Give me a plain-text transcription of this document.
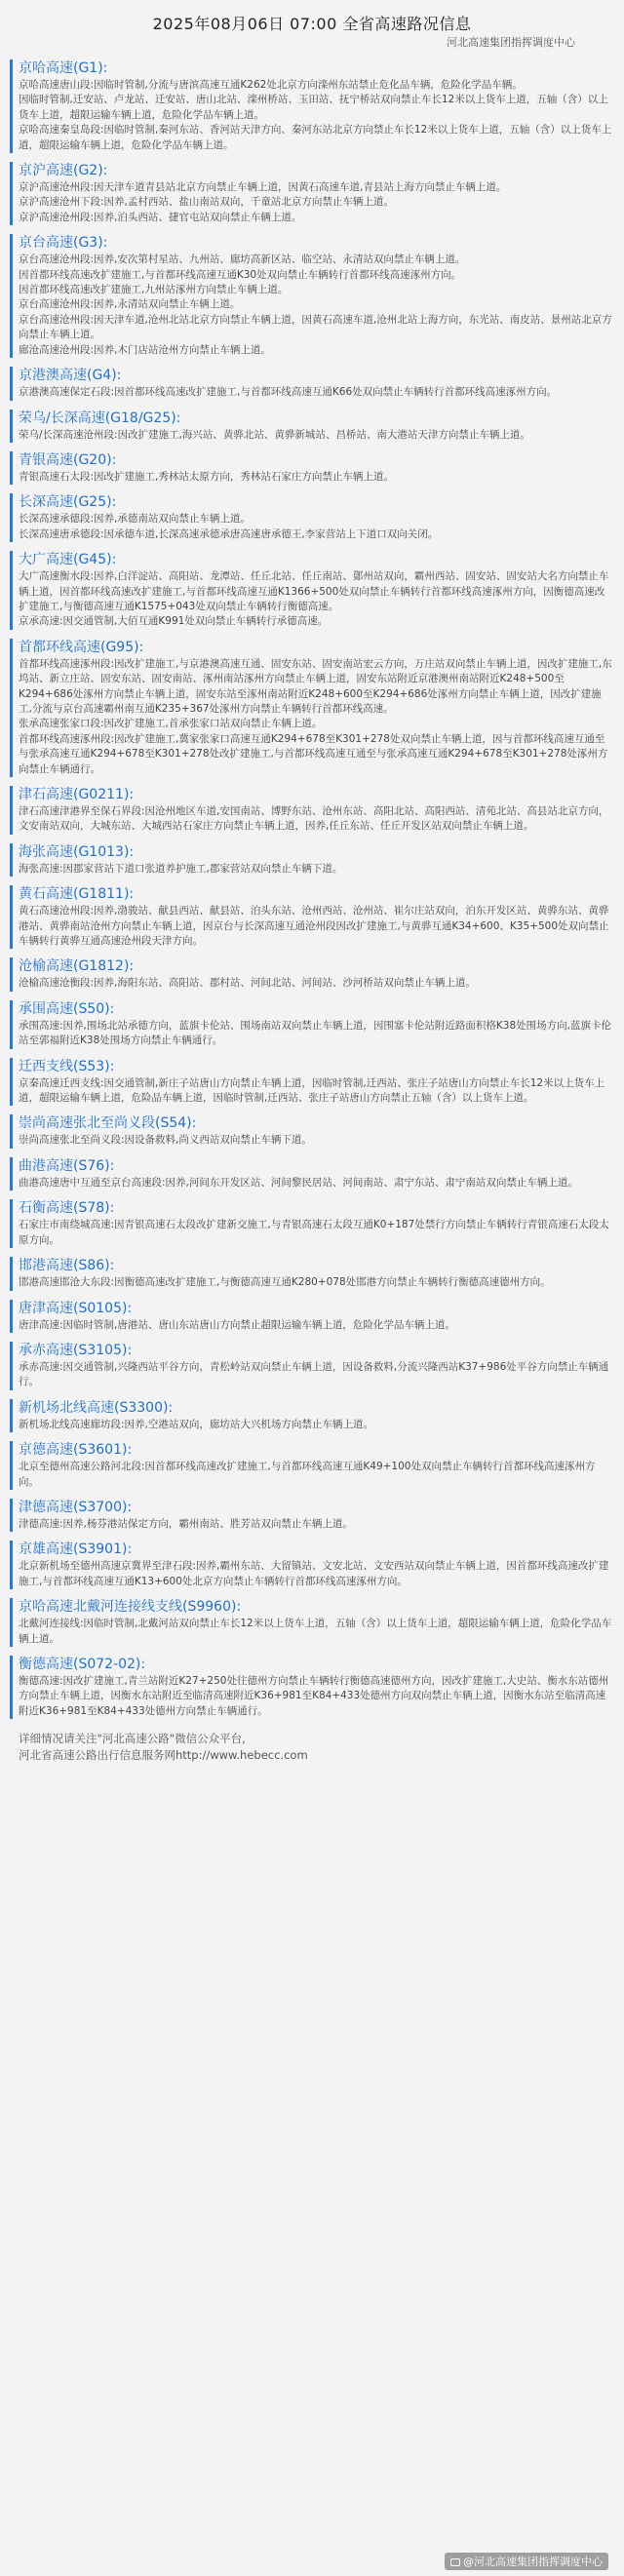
2025年08月06日 07:00 全省高速路况信息
河北高速集团指挥调度中心
京哈高速(G1):

京哈高速唐山段:因临时管制,分流与唐滨高速互通K262处北京方向滦州东站禁止危化品车辆，危险化学品车辆。

因临时管制,迁安站、卢龙站、迁安站、唐山北站、滦州桥站、玉田站、抚宁桥站双向禁止车长12米以上货车上道，五轴（含）以上货车上道，超限运输车辆上道，危险化学品车辆上道。

京哈高速秦皇岛段:因临时管制,秦河东站、香河站天津方向、秦河东站北京方向禁止车长12米以上货车上道，五轴（含）以上货车上道，超限运输车辆上道，危险化学品车辆上道。

京沪高速(G2):

京沪高速沧州段:因天津车道青县站北京方向禁止车辆上道，因黄石高速车道,青县站上海方向禁止车辆上道。

京沪高速沧州下段:因养,孟村西站、盐山南站双向，千童站北京方向禁止车辆上道。

京沪高速沧州段:因养,泊头西站、捷官屯站双向禁止车辆上道。

京台高速(G3):

京台高速沧州段:因养,安次第村星站、九州站、廊坊高新区站、临空站、永清站双向禁止车辆上道。

因首都环线高速改扩建施工,与首都环线高速互通K30处双向禁止车辆转行首都环线高速涿州方向。

因首都环线高速改扩建施工,九州站涿州方向禁止车辆上道。

京台高速沧州段:因养,永清站双向禁止车辆上道。

京台高速沧州段:因天津车道,沧州北站北京方向禁止车辆上道，因黄石高速车道,沧州北站上海方向，东光站、南皮站、景州站北京方向禁止车辆上道。

廊沧高速沧州段:因养,木门店站沧州方向禁止车辆上道。

京港澳高速(G4):

京港澳高速保定石段:因首都环线高速改扩建施工,与首都环线高速互通K66处双向禁止车辆转行首都环线高速涿州方向。

荣乌/长深高速(G18/G25):

荣乌/长深高速沧州段:因改扩建施工,海兴站、黄骅北站、黄骅新城站、昌桥站、南大港站天津方向禁止车辆上道。

青银高速(G20):

青银高速石太段:因改扩建施工,秀林站太原方向，秀林站石家庄方向禁止车辆上道。

长深高速(G25):

长深高速承德段:因养,承德南站双向禁止车辆上道。

长深高速唐承德段:因承德车道,长深高速承德承唐高速唐承德王,李家营站上下道口双向关闭。

大广高速(G45):

大广高速衡水段:因养,白洋淀站、高阳站、龙潭站、任丘北站、任丘南站、鄚州站双向，霸州西站、固安站、固安站大名方向禁止车辆上道，因首都环线高速改扩建施工,与首都环线高速互通K1366+500处双向禁止车辆转行首都环线高速涿州方向，因衡德高速改扩建施工,与衡德高速互通K1575+043处双向禁止车辆转行衡德高速。

京承高速:因交通管制,大佰互通K991处双向禁止车辆转行承德高速。

首都环线高速(G95):

首都环线高速涿州段:因改扩建施工,与京港澳高速互通、固安东站、固安南站宏云方向，万庄站双向禁止车辆上道，因改扩建施工,东坞站、新立庄站、固安东站、固安南站、涿州南站涿州方向禁止车辆上道，固安东站附近京港澳州南站附近K248+500至K294+686处涿州方向禁止车辆上道，固安东站至涿州南站附近K248+600至K294+686处涿州方向禁止车辆上道，因改扩建施工,分流与京台高速霸州南互通K235+367处涿州方向禁止车辆转行首都环线高速。

张承高速张家口段:因改扩建施工,首承张家口站双向禁止车辆上道。

首都环线高速涿州段:因改扩建施工,冀家张家口高速互通K294+678至K301+278处双向禁止车辆上道，因与首都环线高速互通至与张承高速互通K294+678至K301+278处改扩建施工,与首都环线高速互通至与张承高速互通K294+678至K301+278处涿州方向禁止车辆通行。

津石高速(G0211):

津石高速津港界至保石界段:因沧州地区车道,安国南站、博野东站、沧州东站、高阳北站、高阳西站、清苑北站、高县站北京方向，文安南站双向，大城东站、大城西站石家庄方向禁止车辆上道，因养,任丘东站、任丘开发区站双向禁止车辆上道。

海张高速(G1013):

海张高速:因郡家营站下道口张道养护施工,郡家营站双向禁止车辆下道。

黄石高速(G1811):

黄石高速沧州段:因养,渤骏站、献县西站、献县站、泊头东站、沧州西站、沧州站、崔尔庄站双向，泊东开发区站、黄骅东站、黄骅港站、黄骅南站沧州方向禁止车辆上道，因京台与长深高速互通沧州段因改扩建施工,与黄骅互通K34+600、K35+500处双向禁止车辆转行黄骅互通高速沧州段天津方向。

沧榆高速(G1812):

沧榆高速沧衡段:因养,海阳东站、高阳站、郡村站、河间北站、河间站、沙河桥站双向禁止车辆上道。

承围高速(S50):

承围高速:因养,围场北站承德方向，蓝旗卡伦站、围场南站双向禁止车辆上道，因围塞卡伦站附近路面积格K38处围场方向,蓝旗卡伦站至郭福附近K38处围场方向禁止车辆通行。

迁西支线(S53):

京秦高速迁西支线:因交通管制,新庄子站唐山方向禁止车辆上道，因临时管制,迁西站、张庄子站唐山方向禁止车长12米以上货车上道，超限运输车辆上道，危险品车辆上道，因临时管制,迁西站、张庄子站唐山方向禁止五轴（含）以上货车上道。

崇尚高速张北至尚义段(S54):

崇尚高速张北至尚义段:因设备救料,尚义西站双向禁止车辆下道。

曲港高速(S76):

曲港高速唐中互通至京台高速段:因养,河间东开发区站、河间黎民居站、河间南站、肃宁东站、肃宁南站双向禁止车辆上道。

石衡高速(S78):

石家庄市南绕城高速:因青银高速石太段改扩建新交施工,与青银高速石太段互通K0+187处禁行方向禁止车辆转行青银高速石太段太原方向。

邯港高速(S86):

邯港高速邯沧大东段:因衡德高速改扩建施工,与衡德高速互通K280+078处邯港方向禁止车辆转行衡德高速德州方向。

唐津高速(S0105):

唐津高速:因临时管制,唐港站、唐山东站唐山方向禁止超限运输车辆上道，危险化学品车辆上道。

承赤高速(S3105):

承赤高速:因交通管制,兴隆西站平谷方向，青松岭站双向禁止车辆上道，因设备救料,分流兴隆西站K37+986处平谷方向禁止车辆通行。

新机场北线高速(S3300):

新机场北线高速廊坊段:因养,空港站双向，廊坊站大兴机场方向禁止车辆上道。

京德高速(S3601):

北京至德州高速公路河北段:因首都环线高速改扩建施工,与首都环线高速互通K49+100处双向禁止车辆转行首都环线高速涿州方向。

津德高速(S3700):

津德高速:因养,杨芬港站保定方向，霸州南站、胜芳站双向禁止车辆上道。

京雄高速(S3901):

北京新机场至德州高速京冀界至津石段:因养,霸州东站、大留镇站、文安北站、文安西站双向禁止车辆上道，因首都环线高速改扩建施工,与首都环线高速互通K13+600处北京方向禁止车辆转行首都环线高速涿州方向。

京哈高速北戴河连接线支线(S9960):

北戴河连接线:因临时管制,北戴河站双向禁止车长12米以上货车上道，五轴（含）以上货车上道，超限运输车辆上道，危险化学品车辆上道。

衡德高速(S072-02):

衡德高速:因改扩建施工,青兰站附近K27+250处往德州方向禁止车辆转行衡德高速德州方向，因改扩建施工,大史站、衡水东站德州方向禁止车辆上道，因衡水东站附近至临清高速附近K36+981至K84+433处德州方向双向禁止车辆上道，因衡水东站至临清高速附近K36+981至K84+433处德州方向禁止车辆通行。

详细情况请关注"河北高速公路"微信公众平台,
河北省高速公路出行信息服务网http://www.hebecc.com
@河北高速集团指挥调度中心
